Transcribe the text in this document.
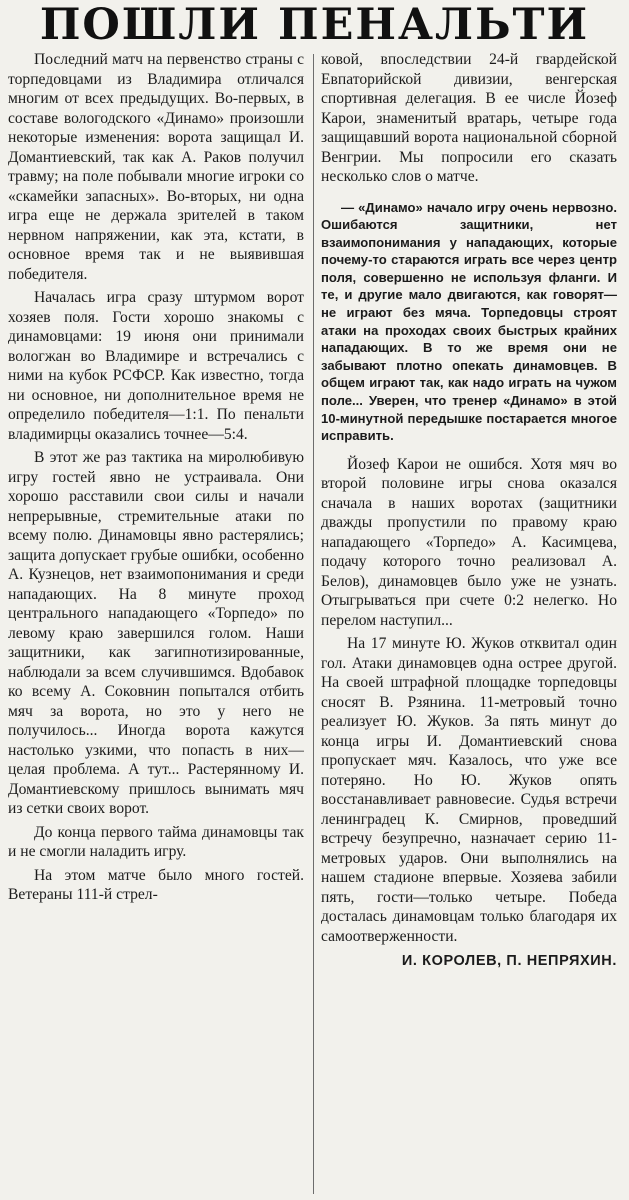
ПОШЛИ ПЕНАЛЬТИ

Последний матч на первенство страны с торпедовцами из Владимира отличался многим от всех предыдущих. Во-первых, в составе вологодского «Динамо» произошли некоторые изменения: ворота защищал И. Домантиевский, так как А. Раков получил травму; на поле побывали многие игроки со «скамейки запасных». Во-вторых, ни одна игра еще не держала зрителей в таком нервном напряжении, как эта, кстати, в основное время так и не выявившая победителя.

Началась игра сразу штурмом ворот хозяев поля. Гости хорошо знакомы с динамовцами: 19 июня они принимали вологжан во Владимире и встречались с ними на кубок РСФСР. Как известно, тогда ни основное, ни дополнительное время не определило победителя—1:1. По пенальти владимирцы оказались точнее—5:4.

В этот же раз тактика на миролюбивую игру гостей явно не устраивала. Они хорошо расставили свои силы и начали непрерывные, стремительные атаки по всему полю. Динамовцы явно растерялись; защита допускает грубые ошибки, особенно А. Кузнецов, нет взаимопонимания и среди нападающих. На 8 минуте проход центрального нападающего «Торпедо» по левому краю завершился голом. Наши защитники, как загипнотизированные, наблюдали за всем случившимся. Вдобавок ко всему А. Соковнин попытался отбить мяч за ворота, но это у него не получилось... Иногда ворота кажутся настолько узкими, что попасть в них—целая проблема. А тут... Растерянному И. Домантиевскому пришлось вынимать мяч из сетки своих ворот.

До конца первого тайма динамовцы так и не смогли наладить игру.

На этом матче было много гостей. Ветераны 111-й стрел-

ковой, впоследствии 24-й гвардейской Евпаторийской дивизии, венгерская спортивная делегация. В ее числе Йозеф Карои, знаменитый вратарь, четыре года защищавший ворота национальной сборной Венгрии. Мы попросили его сказать несколько слов о матче.

— «Динамо» начало игру очень нервозно. Ошибаются защитники, нет взаимопонимания у нападающих, которые почему-то стараются играть все через центр поля, совершенно не используя фланги. И те, и другие мало двигаются, как говорят—не играют без мяча. Торпедовцы строят атаки на проходах своих быстрых крайних нападающих. В то же время они не забывают плотно опекать динамовцев. В общем играют так, как надо играть на чужом поле... Уверен, что тренер «Динамо» в этой 10-минутной передышке постарается многое исправить.

Йозеф Карои не ошибся. Хотя мяч во второй половине игры снова оказался сначала в наших воротах (защитники дважды пропустили по правому краю нападающего «Торпедо» А. Касимцева, подачу которого точно реализовал А. Белов), динамовцев было уже не узнать. Отыгрываться при счете 0:2 нелегко. Но перелом наступил...

На 17 минуте Ю. Жуков отквитал один гол. Атаки динамовцев одна острее другой. На своей штрафной площадке торпедовцы сносят В. Рзянина. 11-метровый точно реализует Ю. Жуков. За пять минут до конца игры И. Домантиевский снова пропускает мяч. Казалось, что уже все потеряно. Но Ю. Жуков опять восстанавливает равновесие. Судья встречи ленинградец К. Смирнов, проведший встречу безупречно, назначает серию 11-метровых ударов. Они выполнялись на нашем стадионе впервые. Хозяева забили пять, гости—только четыре. Победа досталась динамовцам только благодаря их самоотверженности.

И. КОРОЛЕВ, П. НЕПРЯХИН.
